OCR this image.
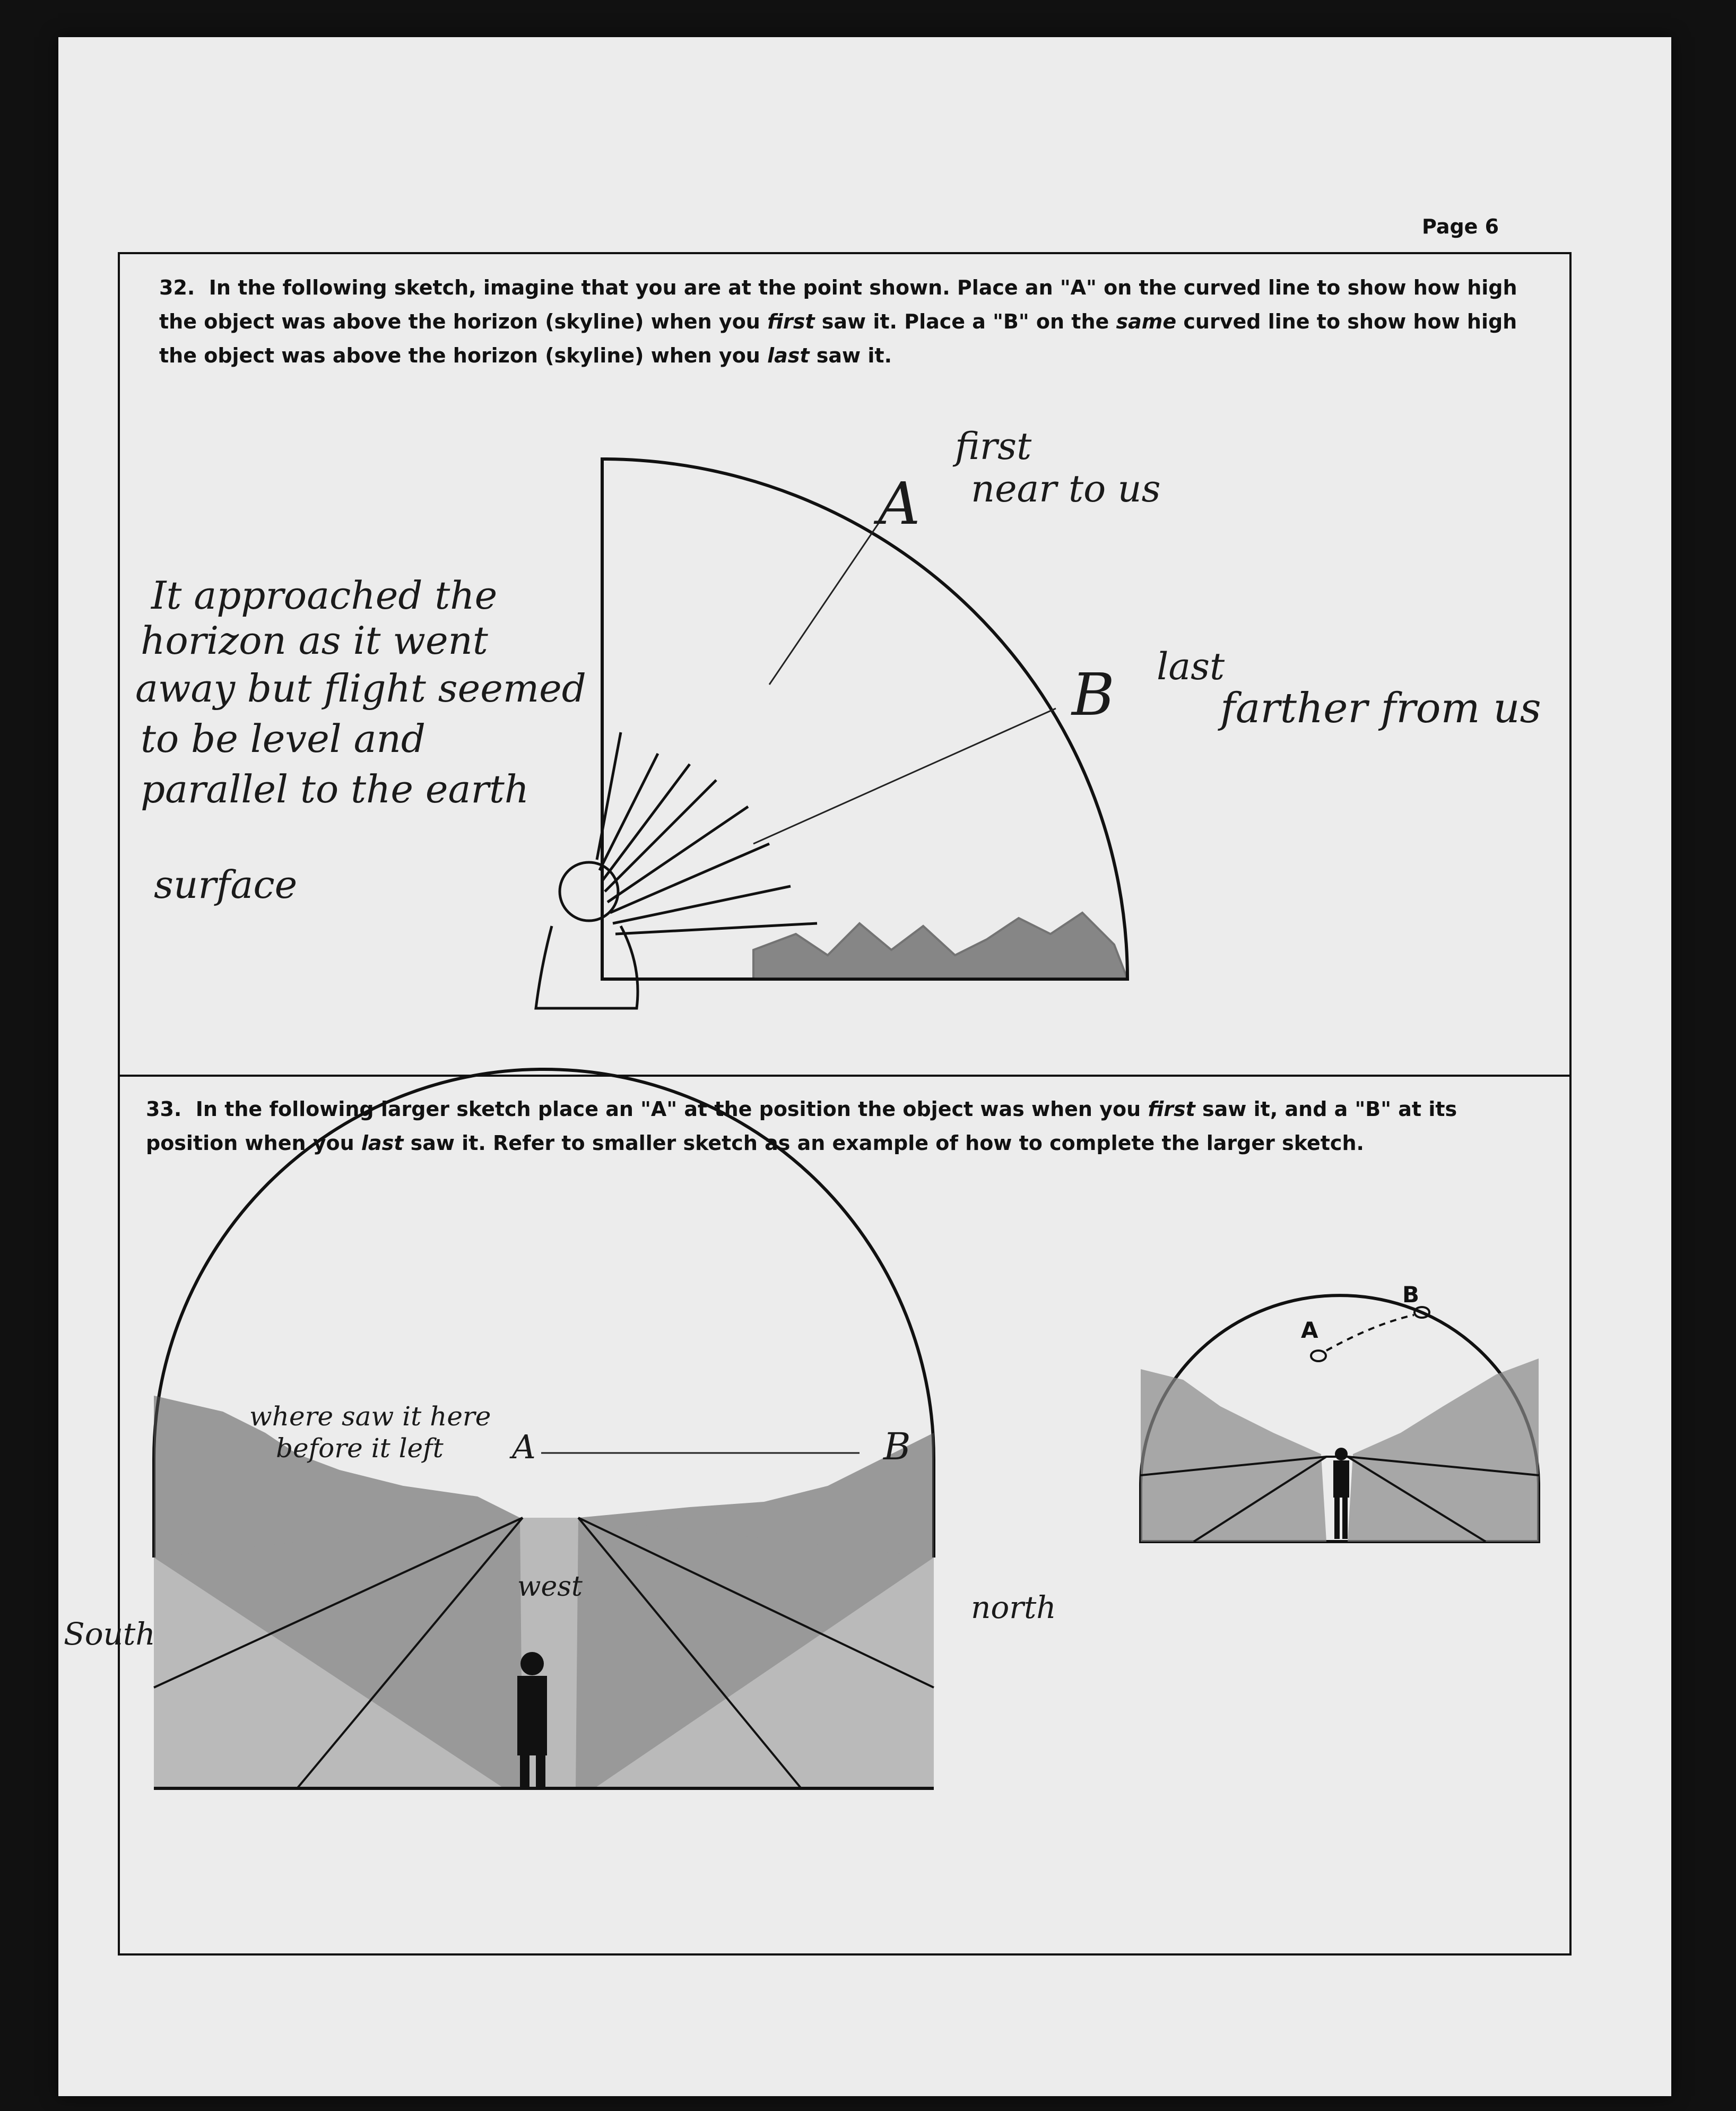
Page 6
32. In the following sketch, imagine that you are at the point shown. Place an "A" on the curved line to show how high the object was above the horizon (skyline) when you first saw it. Place a "B" on the same curved line to show how high the object was above the horizon (skyline) when you last saw it.
33. In the following larger sketch place an "A" at the position the object was when you first saw it, and a "B" at its position when you last saw it. Refer to smaller sketch as an example of how to complete the larger sketch.
A
B
A
first
near to us
B last
farther from us
It approached the
horizon as it went
away but flight seemed
to be level and
parallel to the earth
surface
where saw it here
before it left A	B
west
South
north
